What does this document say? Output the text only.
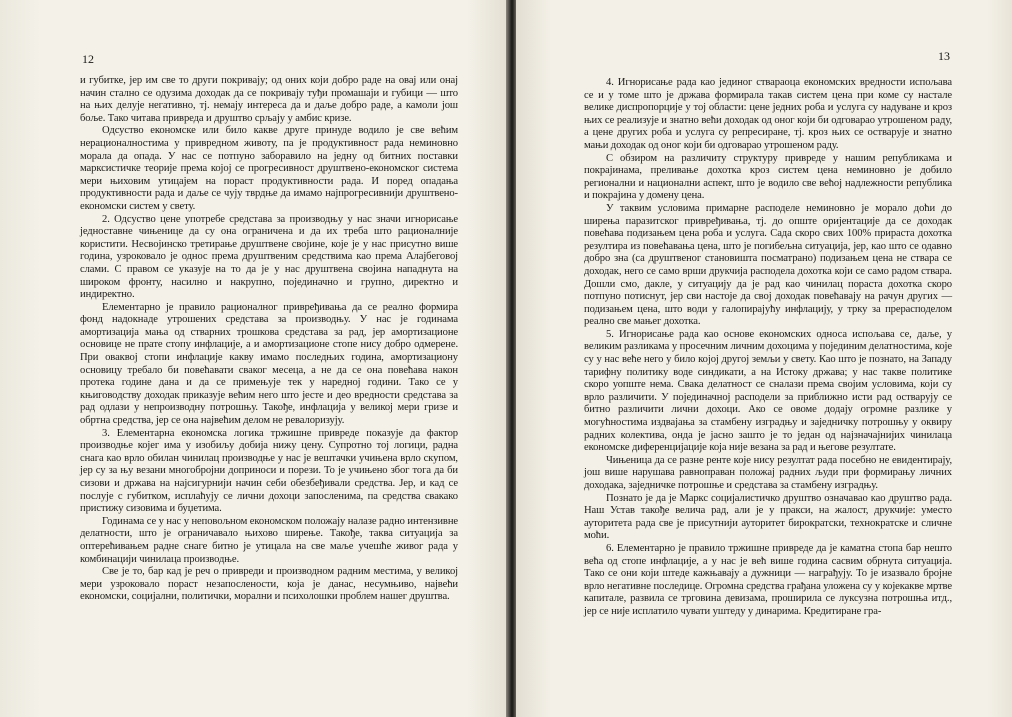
12

и губитке, јер им све то други покривају; од оних који добро раде на овај или онај начин стално се одузима доходак да се покривају туђи промашаји и губици — што на њих делује негативно, тј. немају интереса да и даље добро раде, а камоли још боље. Тако читава привреда и друштво срљају у амбис кризе.

Одсуство економске или било какве друге принуде водило је све већим нерационалностима у привредном животу, па је продуктивност рада неминовно морала да опада. У нас се потпуно заборавило на једну од битних поставки марксистичке теорије према којој се прогресивност друштвено-економског система мери њиховим утицајем на пораст продуктивности рада. И поред опадања продуктивности рада и даље се чују тврдње да имамо најпрогресивнији друштвено-економски систем у свету.

2. Одсуство цене употребе средстава за производњу у нас значи игнорисање једноставне чињенице да су она ограничена и да их треба што рационалније користити. Несвојинско третирање друштвене својине, које је у нас присутно више година, узроковало је однос према друштвеним средствима као према Алајбеговој слами. С правом се указује на то да је у нас друштвена својина нападнута на широком фронту, насилно и накрупно, појединачно и групно, директно и индиректно.

Елементарно је правило рационалног привређивања да се реално формира фонд надокнаде утрошених средстава за производњу. У нас је годинама амортизација мања од стварних трошкова средстава за рад, јер амортизационе основице не прате стопу инфлације, а и амортизационе стопе нису добро одмерене. При оваквој стопи инфлације какву имамо последњих година, амортизациону основицу требало би повећавати сваког месеца, а не да се она повећава након протека године дана и да се примењује тек у наредној години. Тако се у књиговодству доходак приказује већим него што јесте и део вредности средстава за рад одлази у непроизводну потрошњу. Такође, инфлација у великој мери гризе и обртна средства, јер се она највећим делом не ревалоризују.

3. Елементарна економска логика тржишне привреде показује да фактор производње којег има у изобиљу добија нижу цену. Супротно тој логици, радна снага као врло обилан чинилац производње у нас је вештачки учињена врло скупом, јер су за њу везани многобројни доприноси и порези. То је учињено због тога да би сизови и држава на најсигурнији начин себи обезбеђивали средства. Јер, и кад се послује с губитком, исплаћују се лични дохоци запосленима, па средства свакако пристижу сизовима и буџетима.

Годинама се у нас у неповољном економском положају налазе радно интензивне делатности, што је ограничавало њихово ширење. Такође, таква ситуација за оптерећивањем радне снаге битно је утицала на све маље учешће живог рада у комбинацији чинилаца производње.

Све је то, бар кад је реч о привреди и производном радним местима, у великој мери узроковало пораст незапослености, која је данас, несумњиво, највећи економски, социјални, политички, морални и психолошки проблем нашег друштва.

13

4. Игнорисање рада као јединог ствараоца економских вредности испољава се и у томе што је држава формирала такав систем цена при коме су настале велике диспропорције у тој области: цене једних роба и услуга су надуване и кроз њих се реализује и знатно већи доходак од оног који би одговарао утрошеном раду, а цене других роба и услуга су репресиране, тј. кроз њих се остварује и знатно мањи доходак од оног који би одговарао утрошеном раду.

С обзиром на различиту структуру привреде у нашим републикама и покрајинама, преливање дохотка кроз систем цена неминовно је добило регионални и национални аспект, што је водило све већој надлежности република и покрајина у домену цена.

У таквим условима примарне расподеле неминовно је морало доћи до ширења паразитског привређивања, тј. до опште оријентације да се доходак повећава подизањем цена роба и услуга. Сада скоро свих 100% прираста дохотка резултира из повећавања цена, што је погибељна ситуација, јер, као што се одавно добро зна (са друштвеног становишта посматрано) подизањем цена не ствара се доходак, него се само врши друкчија расподела дохотка који се само радом ствара. Дошли смо, дакле, у ситуацију да је рад као чинилац пораста дохотка скоро потпуно потиснут, јер сви настоје да свој доходак повећавају на рачун других — подизањем цена, што води у галопирајућу инфлацију, у трку за прерасподелом реално све мањег дохотка.

5. Игнорисање рада као основе економских односа испољава се, даље, у великим разликама у просечним личним дохоцима у појединим делатностима, које су у нас веће него у било којој другој земљи у свету. Као што је познато, на Западу тарифну политику воде синдикати, а на Истоку држава; у нас такве политике скоро уопште нема. Свака делатност се сналази према својим условима, који су врло различити. У појединачној расподели за приближно исти рад остварују се битно различити лични дохоци. Ако се овоме додају огромне разлике у могућностима издвајања за стамбену изградњу и заједничку потрошњу у оквиру радних колектива, онда је јасно зашто је то један од најзначајнијих чинилаца економске диференцијације која није везана за рад и његове резултате.

Чињеница да се разне ренте које нису резултат рада посебно не евидентирају, још више нарушава равноправан положај радних људи при формирању личних доходака, заједничке потрошње и средстава за стамбену изградњу.

Познато је да је Маркс социјалистичко друштво означавао као друштво рада. Наш Устав такође велича рад, али је у пракси, на жалост, друкчије: уместо ауторитета рада све је присутнији ауторитет бирократски, технократске и сличне моћи.

6. Елементарно је правило тржишне привреде да је каматна стопа бар нешто већа од стопе инфлације, а у нас је већ више година сасвим обрнута ситуација. Тако се они који штеде кажњавају а дужници — награђују. То је изазвало бројне врло негативне последице. Огромна средства грађана уложена су у којекакве мртве капитале, развила се трговина девизама, проширила се луксузна потрошња итд., јер се није исплатило чувати уштеду у динарима. Кредитиране гра-
